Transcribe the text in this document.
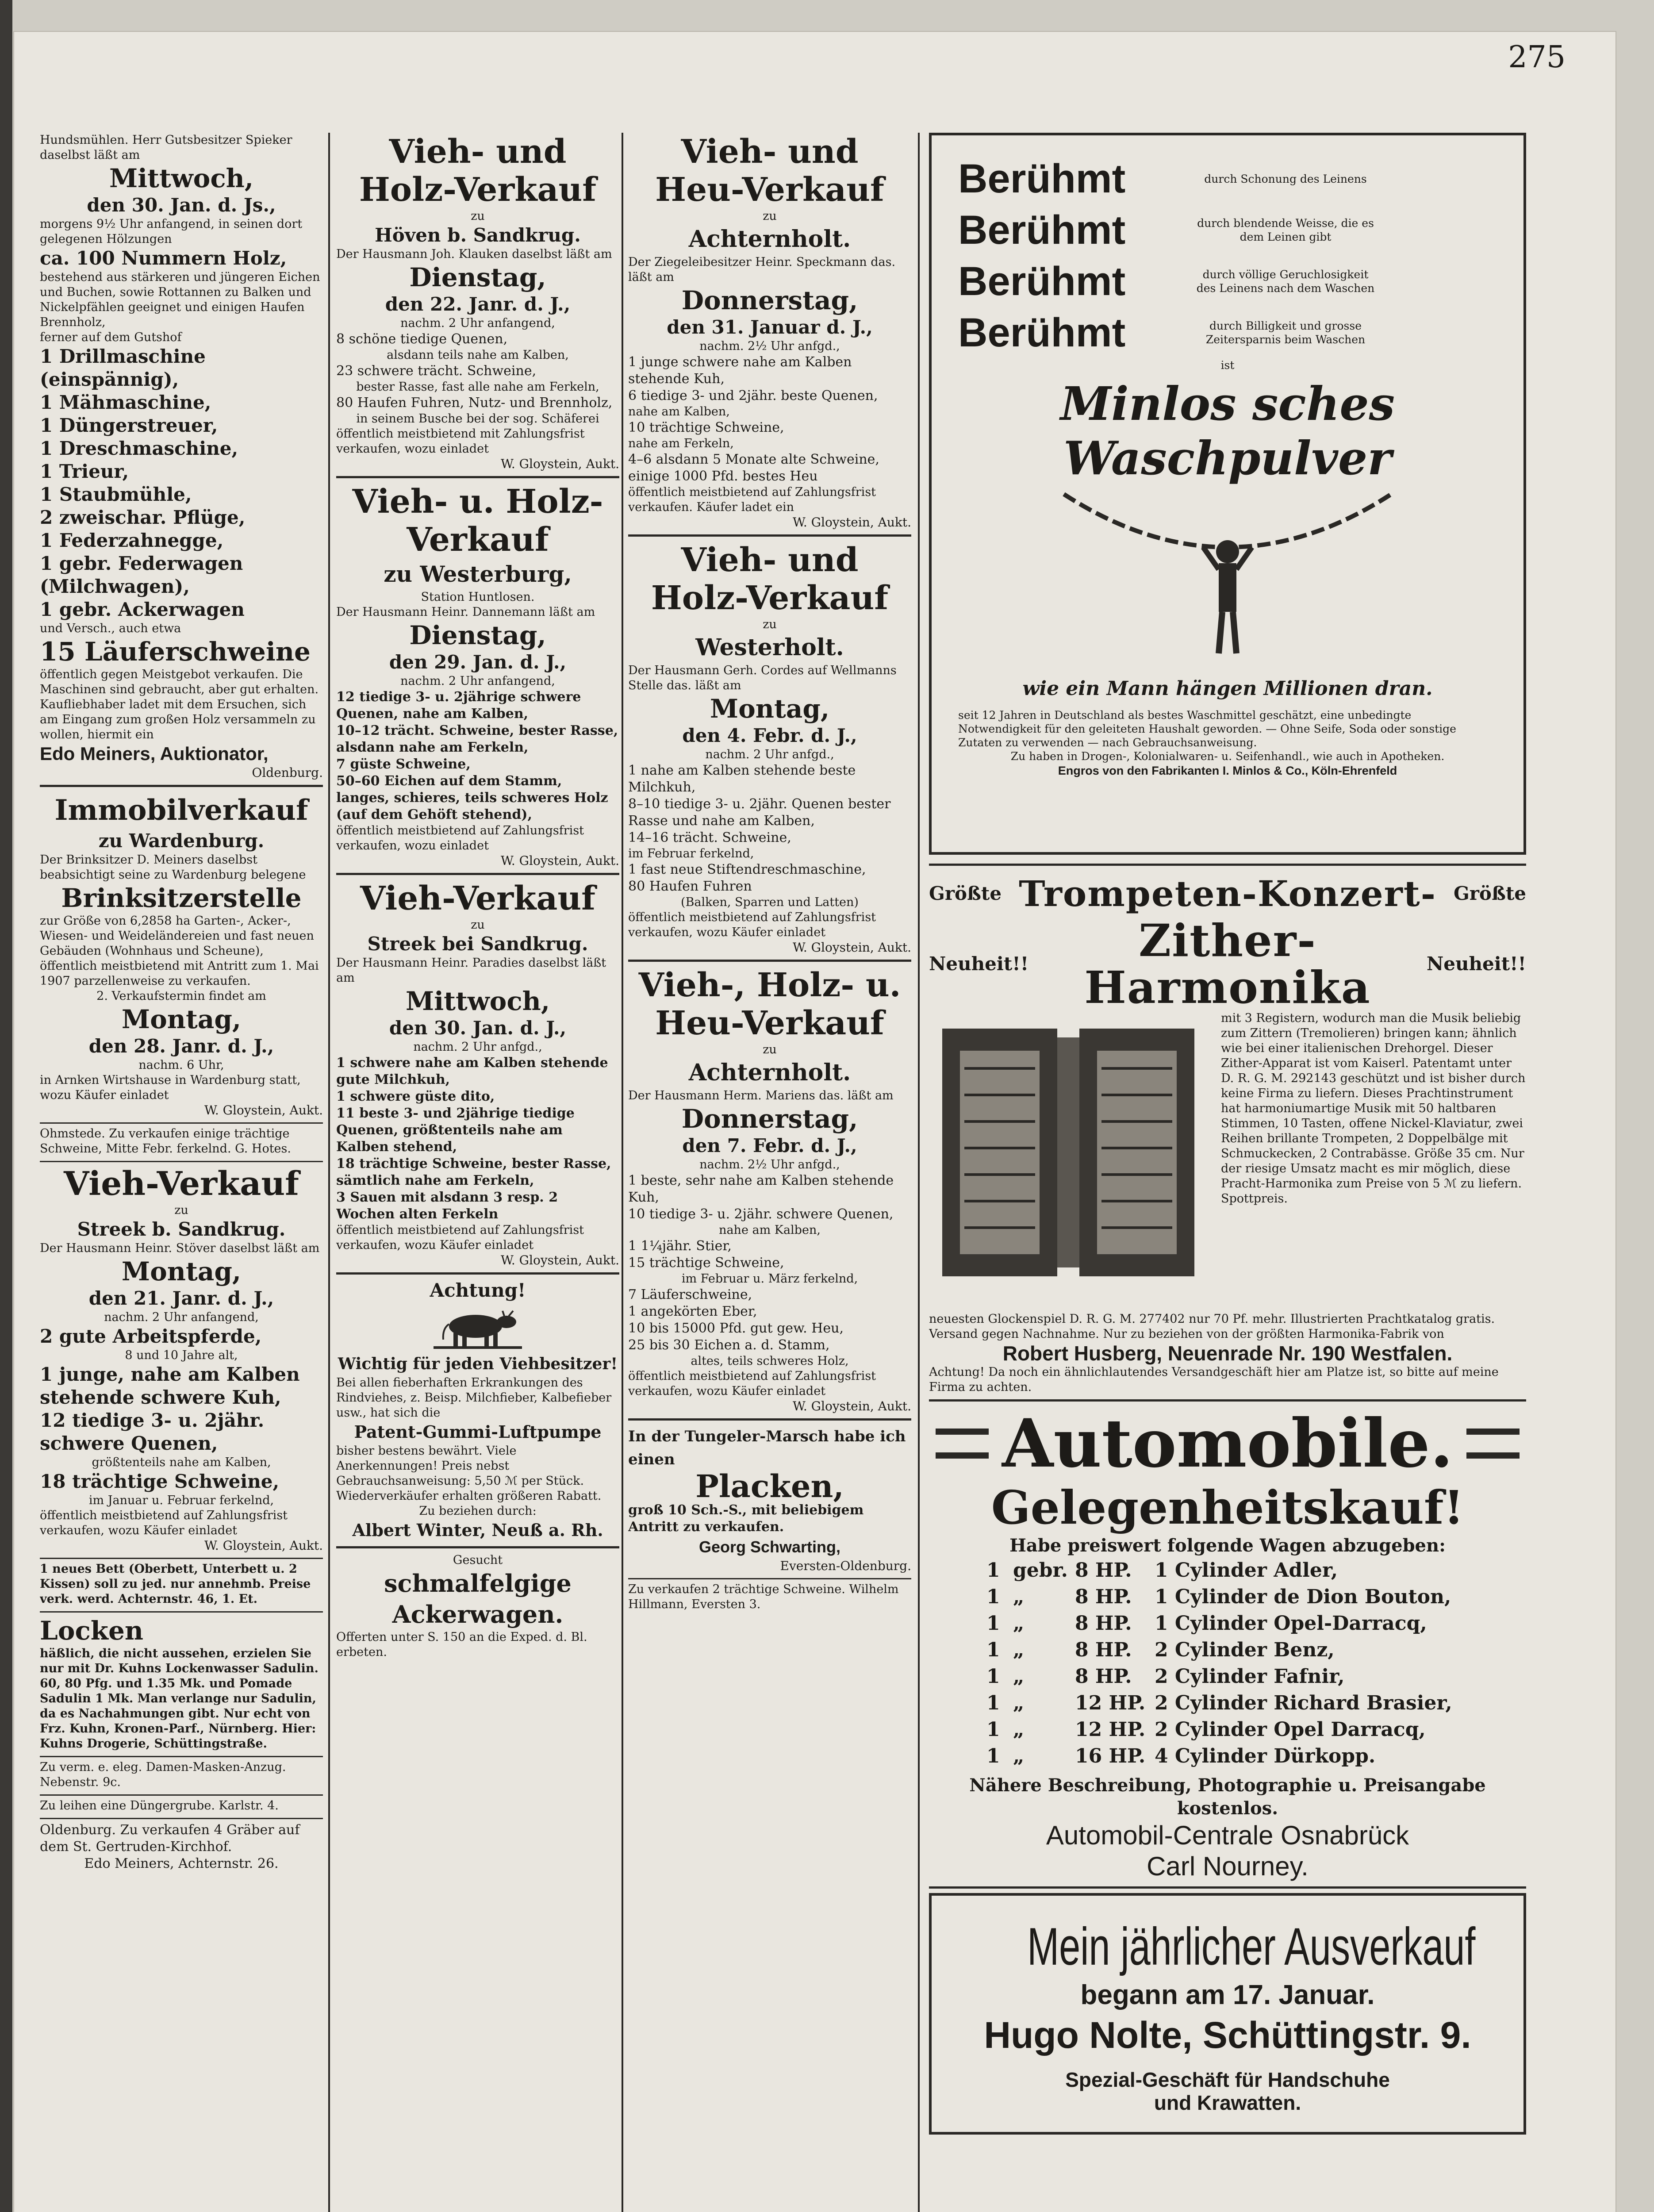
275
Hundsmühlen. Herr Gutsbesitzer Spieker daselbst läßt am
Mittwoch,
den 30. Jan. d. Js.,
morgens 9½ Uhr anfangend, in seinen dort gelegenen Hölzungen
ca. 100 Nummern Holz,
bestehend aus stärkeren und jüngeren Eichen und Buchen, sowie Rottannen zu Balken und Nickelpfählen geeignet und einigen Haufen Brennholz,
ferner auf dem Gutshof
1 Drillmaschine (einspännig),
1 Mähmaschine,
1 Düngerstreuer,
1 Dreschmaschine,
1 Trieur,
1 Staubmühle,
2 zweischar. Pflüge,
1 Federzahnegge,
1 gebr. Federwagen (Milchwagen),
1 gebr. Ackerwagen
und Versch., auch etwa
15 Läuferschweine
öffentlich gegen Meistgebot verkaufen. Die Maschinen sind gebraucht, aber gut erhalten. Kaufliebhaber ladet mit dem Ersuchen, sich am Eingang zum großen Holz versammeln zu wollen, hiermit ein
Edo Meiners, Auktionator,
Oldenburg.
Immobilverkauf
zu Wardenburg.
Der Brinksitzer D. Meiners daselbst beabsichtigt seine zu Wardenburg belegene
Brinksitzerstelle
zur Größe von 6,2858 ha Garten-, Acker-, Wiesen- und Weideländereien und fast neuen Gebäuden (Wohnhaus und Scheune), öffentlich meistbietend mit Antritt zum 1. Mai 1907 parzellenweise zu verkaufen.
2. Verkaufstermin findet am
Montag,
den 28. Janr. d. J.,
nachm. 6 Uhr,
in Arnken Wirtshause in Wardenburg statt, wozu Käufer einladet
W. Gloystein, Aukt.
Ohmstede. Zu verkaufen einige trächtige Schweine, Mitte Febr. ferkelnd. G. Hotes.
Vieh-Verkauf
zu
Streek b. Sandkrug.
Der Hausmann Heinr. Stöver daselbst läßt am
Montag,
den 21. Janr. d. J.,
nachm. 2 Uhr anfangend,
2 gute Arbeitspferde,
8 und 10 Jahre alt,
1 junge, nahe am Kalben stehende schwere Kuh,
12 tiedige 3- u. 2jähr. schwere Quenen,
größtenteils nahe am Kalben,
18 trächtige Schweine,
im Januar u. Februar ferkelnd,
öffentlich meistbietend auf Zahlungsfrist verkaufen, wozu Käufer einladet
W. Gloystein, Aukt.
1 neues Bett (Oberbett, Unterbett u. 2 Kissen) soll zu jed. nur annehmb. Preise verk. werd. Achternstr. 46, 1. Et.
Locken
häßlich, die nicht aussehen, erzielen Sie nur mit Dr. Kuhns Lockenwasser Sadulin. 60, 80 Pfg. und 1.35 Mk. und Pomade Sadulin 1 Mk. Man verlange nur Sadulin, da es Nachahmungen gibt. Nur echt von Frz. Kuhn, Kronen-Parf., Nürnberg. Hier: Kuhns Drogerie, Schüttingstraße.
Zu verm. e. eleg. Damen-Masken-Anzug. Nebenstr. 9c.
Zu leihen eine Düngergrube. Karlstr. 4.
Oldenburg. Zu verkaufen 4 Gräber auf dem St. Gertruden-Kirchhof.
Edo Meiners, Achternstr. 26.
Vieh- und
Holz-Verkauf
zu
Höven b. Sandkrug.
Der Hausmann Joh. Klauken daselbst läßt am
Dienstag,
den 22. Janr. d. J.,
nachm. 2 Uhr anfangend,
8 schöne tiedige Quenen,
alsdann teils nahe am Kalben,
23 schwere trächt. Schweine,
bester Rasse, fast alle nahe am Ferkeln,
80 Haufen Fuhren, Nutz- und Brennholz,
in seinem Busche bei der sog. Schäferei
öffentlich meistbietend mit Zahlungsfrist verkaufen, wozu einladet
W. Gloystein, Aukt.
Vieh- u. Holz-
Verkauf
zu Westerburg,
Station Huntlosen.
Der Hausmann Heinr. Dannemann läßt am
Dienstag,
den 29. Jan. d. J.,
nachm. 2 Uhr anfangend,
12 tiedige 3- u. 2jährige schwere Quenen, nahe am Kalben,
10–12 trächt. Schweine, bester Rasse, alsdann nahe am Ferkeln,
7 güste Schweine,
50–60 Eichen auf dem Stamm, langes, schieres, teils schweres Holz (auf dem Gehöft stehend),
öffentlich meistbietend auf Zahlungsfrist verkaufen, wozu einladet
W. Gloystein, Aukt.
Vieh-Verkauf
zu
Streek bei Sandkrug.
Der Hausmann Heinr. Paradies daselbst läßt am
Mittwoch,
den 30. Jan. d. J.,
nachm. 2 Uhr anfgd.,
1 schwere nahe am Kalben stehende gute Milchkuh,
1 schwere güste dito,
11 beste 3- und 2jährige tiedige Quenen, größtenteils nahe am Kalben stehend,
18 trächtige Schweine, bester Rasse, sämtlich nahe am Ferkeln,
3 Sauen mit alsdann 3 resp. 2 Wochen alten Ferkeln
öffentlich meistbietend auf Zahlungsfrist verkaufen, wozu Käufer einladet
W. Gloystein, Aukt.
Achtung!
Wichtig für jeden Viehbesitzer!
Bei allen fieberhaften Erkrankungen des Rindviehes, z. Beisp. Milchfieber, Kalbefieber usw., hat sich die
Patent-Gummi-Luftpumpe
bisher bestens bewährt. Viele Anerkennungen! Preis nebst Gebrauchsanweisung: 5,50 ℳ per Stück. Wiederverkäufer erhalten größeren Rabatt.
Zu beziehen durch:
Albert Winter, Neuß a. Rh.
Gesucht
schmalfelgige Ackerwagen.
Offerten unter S. 150 an die Exped. d. Bl. erbeten.
Vieh- und
Heu-Verkauf
zu
Achternholt.
Der Ziegeleibesitzer Heinr. Speckmann das. läßt am
Donnerstag,
den 31. Januar d. J.,
nachm. 2½ Uhr anfgd.,
1 junge schwere nahe am Kalben stehende Kuh,
6 tiedige 3- und 2jähr. beste Quenen,
nahe am Kalben,
10 trächtige Schweine,
nahe am Ferkeln,
4–6 alsdann 5 Monate alte Schweine,
einige 1000 Pfd. bestes Heu
öffentlich meistbietend auf Zahlungsfrist verkaufen. Käufer ladet ein
W. Gloystein, Aukt.
Vieh- und
Holz-Verkauf
zu
Westerholt.
Der Hausmann Gerh. Cordes auf Wellmanns Stelle das. läßt am
Montag,
den 4. Febr. d. J.,
nachm. 2 Uhr anfgd.,
1 nahe am Kalben stehende beste Milchkuh,
8–10 tiedige 3- u. 2jähr. Quenen bester Rasse und nahe am Kalben,
14–16 trächt. Schweine,
im Februar ferkelnd,
1 fast neue Stiftendreschmaschine,
80 Haufen Fuhren
(Balken, Sparren und Latten)
öffentlich meistbietend auf Zahlungsfrist verkaufen, wozu Käufer einladet
W. Gloystein, Aukt.
Vieh-, Holz- u.
Heu-Verkauf
zu
Achternholt.
Der Hausmann Herm. Mariens das. läßt am
Donnerstag,
den 7. Febr. d. J.,
nachm. 2½ Uhr anfgd.,
1 beste, sehr nahe am Kalben stehende Kuh,
10 tiedige 3- u. 2jähr. schwere Quenen,
nahe am Kalben,
1 1¼jähr. Stier,
15 trächtige Schweine,
im Februar u. März ferkelnd,
7 Läuferschweine,
1 angekörten Eber,
10 bis 15000 Pfd. gut gew. Heu,
25 bis 30 Eichen a. d. Stamm,
altes, teils schweres Holz,
öffentlich meistbietend auf Zahlungsfrist verkaufen, wozu Käufer einladet
W. Gloystein, Aukt.
In der Tungeler-Marsch habe ich einen
Placken,
groß 10 Sch.-S., mit beliebigem Antritt zu verkaufen.
Georg Schwarting,
Eversten-Oldenburg.
Zu verkaufen 2 trächtige Schweine. Wilhelm Hillmann, Eversten 3.
Berühmt	durch Schonung des Leinens
Berühmt	durch blendende Weisse, die es dem Leinen gibt
Berühmt	durch völlige Geruchlosigkeit des Leinens nach dem Waschen
Berühmt	durch Billigkeit und grosse Zeitersparnis beim Waschen
ist
Minlos sches Waschpulver
wie ein Mann hängen Millionen dran.
seit 12 Jahren in Deutschland als bestes Waschmittel geschätzt, eine unbedingte Notwendigkeit für den geleiteten Haushalt geworden. — Ohne Seife, Soda oder sonstige Zutaten zu verwenden — nach Gebrauchsanweisung.
Zu haben in Drogen-, Kolonialwaren- u. Seifenhandl., wie auch in Apotheken.
Engros von den Fabrikanten I. Minlos & Co., Köln-Ehrenfeld
Größte Trompeten-Konzert- Größte
Neuheit!!	Zither-Harmonika	Neuheit!!
mit 3 Registern, wodurch man die Musik beliebig zum Zittern (Tremolieren) bringen kann; ähnlich wie bei einer italienischen Drehorgel. Dieser Zither-Apparat ist vom Kaiserl. Patentamt unter D. R. G. M. 292143 geschützt und ist bisher durch keine Firma zu liefern. Dieses Prachtinstrument hat harmoniumartige Musik mit 50 haltbaren Stimmen, 10 Tasten, offene Nickel-Klaviatur, zwei Reihen brillante Trompeten, 2 Doppelbälge mit Schmuckecken, 2 Contrabässe. Größe 35 cm. Nur der riesige Umsatz macht es mir möglich, diese Pracht-Harmonika zum Preise von 5 ℳ zu liefern. Spottpreis.
neuesten Glockenspiel D. R. G. M. 277402 nur 70 Pf. mehr. Illustrierten Prachtkatalog gratis. Versand gegen Nachnahme. Nur zu beziehen von der größten Harmonika-Fabrik von
Robert Husberg, Neuenrade Nr. 190 Westfalen.
Achtung! Da noch ein ähnlichlautendes Versandgeschäft hier am Platze ist, so bitte auf meine Firma zu achten.
Automobile.
Gelegenheitskauf!
Habe preiswert folgende Wagen abzugeben:
1 gebr. 8 HP.	1 Cylinder Adler,
1 „	8 HP.	1 Cylinder de Dion Bouton,
1 „	8 HP.	1 Cylinder Opel-Darracq,
1 „	8 HP.	2 Cylinder Benz,
1 „	8 HP.	2 Cylinder Fafnir,
1 „	12 HP. 2 Cylinder Richard Brasier,
1 „	12 HP. 2 Cylinder Opel Darracq,
1 „	16 HP. 4 Cylinder Dürkopp.
Nähere Beschreibung, Photographie u. Preisangabe kostenlos.
Automobil-Centrale Osnabrück
Carl Nourney.
Mein jährlicher Ausverkauf
begann am 17. Januar.
Hugo Nolte, Schüttingstr. 9.
Spezial-Geschäft für Handschuhe
und Krawatten.
